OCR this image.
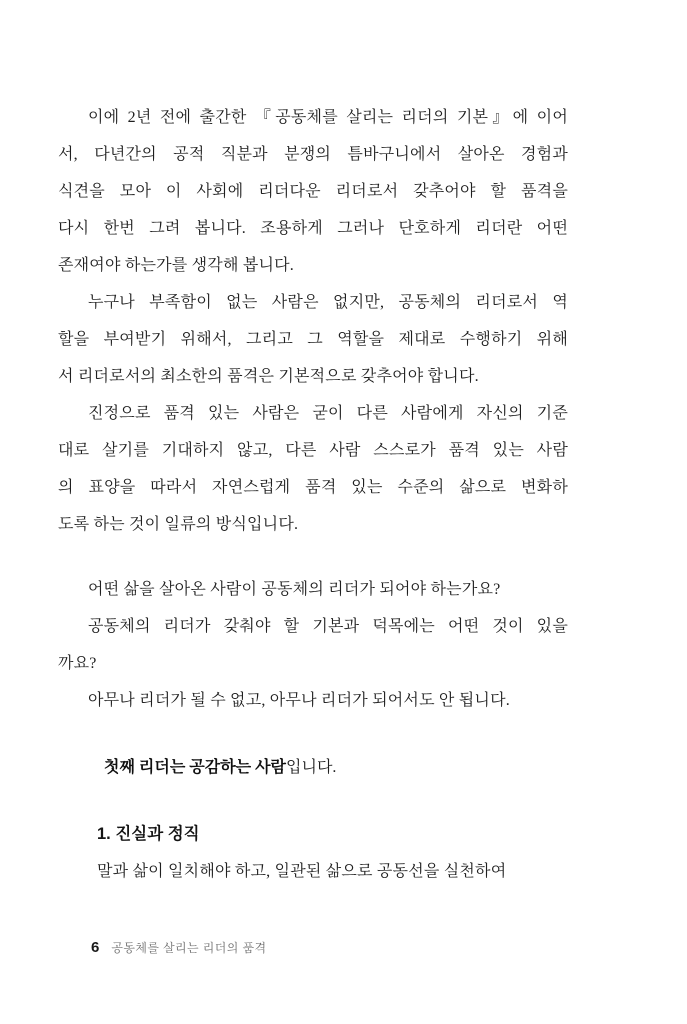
이에 2년 전에 출간한 『공동체를 살리는 리더의 기본』에 이어

서, 다년간의 공적 직분과 분쟁의 틈바구니에서 살아온 경험과

식견을 모아 이 사회에 리더다운 리더로서 갖추어야 할 품격을

다시 한번 그려 봅니다. 조용하게 그러나 단호하게 리더란 어떤

존재여야 하는가를 생각해 봅니다.

누구나 부족함이 없는 사람은 없지만, 공동체의 리더로서 역

할을 부여받기 위해서, 그리고 그 역할을 제대로 수행하기 위해

서 리더로서의 최소한의 품격은 기본적으로 갖추어야 합니다.

진정으로 품격 있는 사람은 굳이 다른 사람에게 자신의 기준

대로 살기를 기대하지 않고, 다른 사람 스스로가 품격 있는 사람

의 표양을 따라서 자연스럽게 품격 있는 수준의 삶으로 변화하

도록 하는 것이 일류의 방식입니다.

어떤 삶을 살아온 사람이 공동체의 리더가 되어야 하는가요?

공동체의 리더가 갖춰야 할 기본과 덕목에는 어떤 것이 있을

까요?

아무나 리더가 될 수 없고, 아무나 리더가 되어서도 안 됩니다.

첫째 리더는 공감하는 사람입니다.

1. 진실과 정직

말과 삶이 일치해야 하고, 일관된 삶으로 공동선을 실천하여

6 공동체를 살리는 리더의 품격
